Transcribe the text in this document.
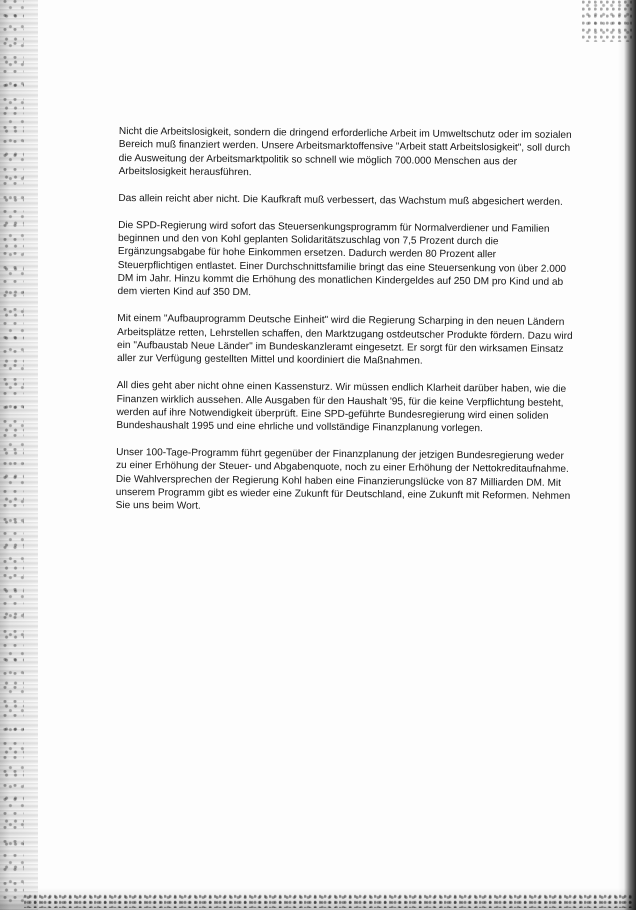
Nicht die Arbeitslosigkeit, sondern die dringend erforderliche Arbeit im Umweltschutz oder im sozialen Bereich muß finanziert werden. Unsere Arbeitsmarktoffensive "Arbeit statt Arbeitslosigkeit", soll durch die Ausweitung der Arbeitsmarktpolitik so schnell wie möglich 700.000 Menschen aus der Arbeitslosigkeit herausführen.

Das allein reicht aber nicht. Die Kaufkraft muß verbessert, das Wachstum muß abgesichert werden.

Die SPD-Regierung wird sofort das Steuersenkungsprogramm für Normalverdiener und Familien beginnen und den von Kohl geplanten Solidaritätszuschlag von 7,5 Prozent durch die Ergänzungsabgabe für hohe Einkommen ersetzen. Dadurch werden 80 Prozent aller Steuerpflichtigen entlastet. Einer Durchschnittsfamilie bringt das eine Steuersenkung von über 2.000 DM im Jahr. Hinzu kommt die Erhöhung des monatlichen Kindergeldes auf 250 DM pro Kind und ab dem vierten Kind auf 350 DM.

Mit einem "Aufbauprogramm Deutsche Einheit" wird die Regierung Scharping in den neuen Ländern Arbeitsplätze retten, Lehrstellen schaffen, den Marktzugang ostdeutscher Produkte fördern. Dazu wird ein "Aufbaustab Neue Länder" im Bundeskanzleramt eingesetzt. Er sorgt für den wirksamen Einsatz aller zur Verfügung gestellten Mittel und koordiniert die Maßnahmen.

All dies geht aber nicht ohne einen Kassensturz. Wir müssen endlich Klarheit darüber haben, wie die Finanzen wirklich aussehen. Alle Ausgaben für den Haushalt '95, für die keine Verpflichtung besteht, werden auf ihre Notwendigkeit überprüft. Eine SPD-geführte Bundesregierung wird einen soliden Bundeshaushalt 1995 und eine ehrliche und vollständige Finanzplanung vorlegen.

Unser 100-Tage-Programm führt gegenüber der Finanzplanung der jetzigen Bundesregierung weder zu einer Erhöhung der Steuer- und Abgabenquote, noch zu einer Erhöhung der Nettokreditaufnahme. Die Wahlversprechen der Regierung Kohl haben eine Finanzierungslücke von 87 Milliarden DM. Mit unserem Programm gibt es wieder eine Zukunft für Deutschland, eine Zukunft mit Reformen. Nehmen Sie uns beim Wort.
